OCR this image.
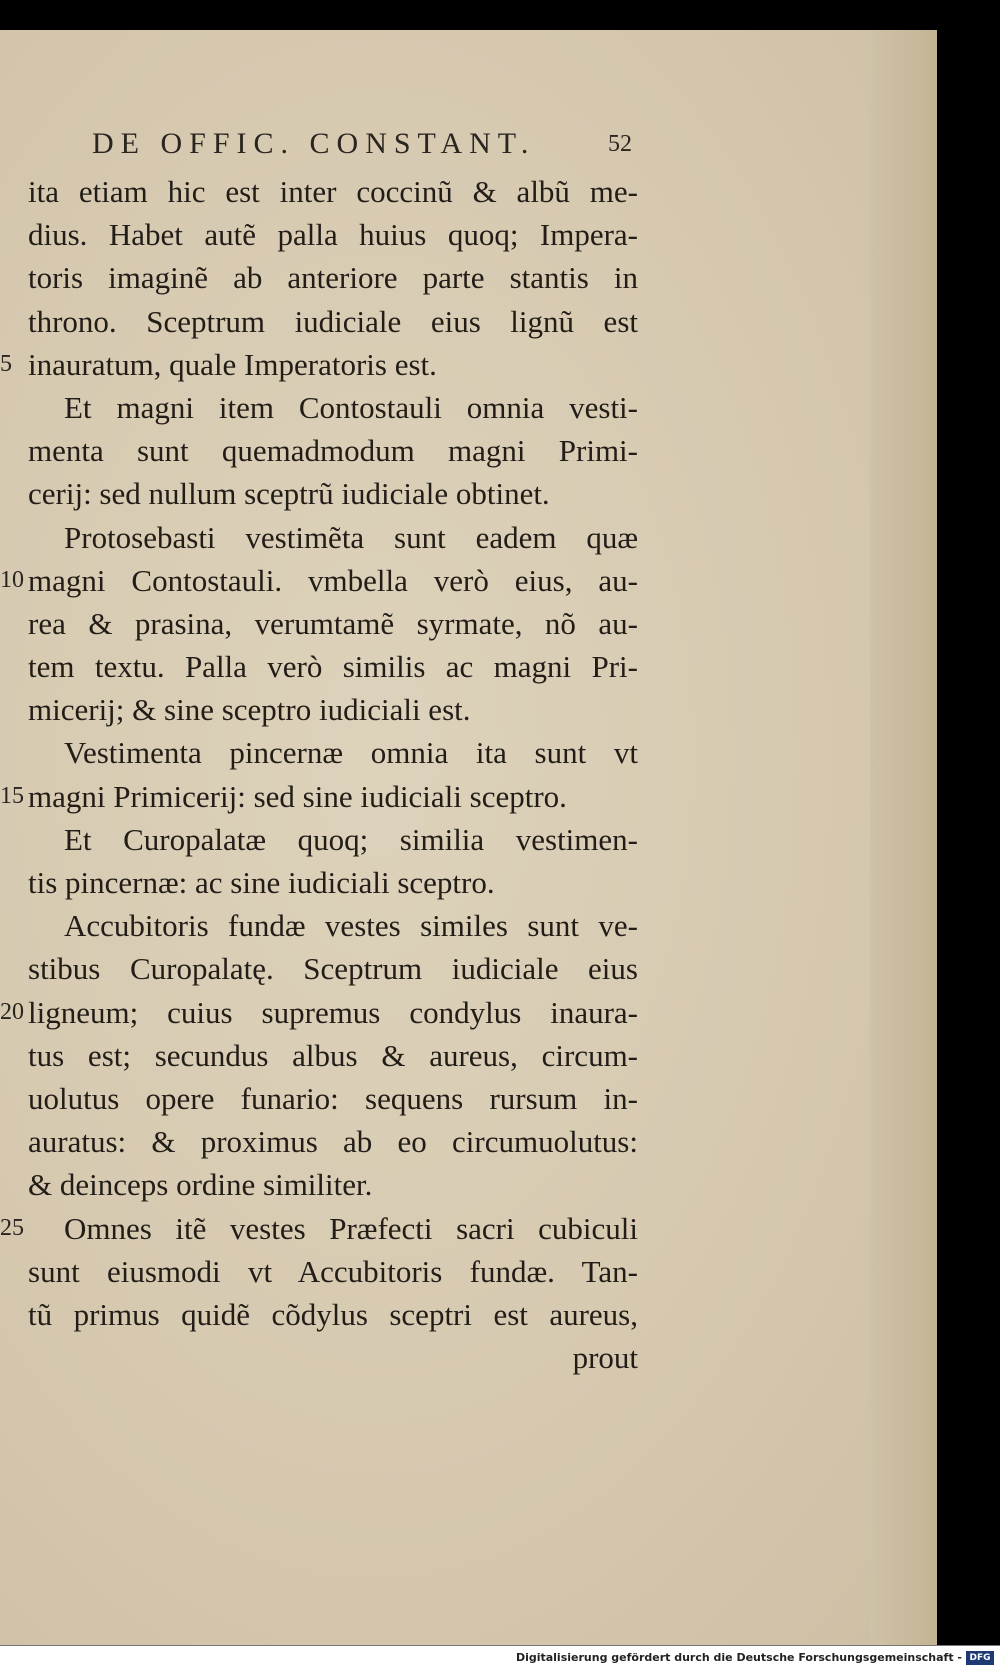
DE OFFIC. CONSTANT.	52
ita etiam hic est inter coccinũ & albũ me-
dius. Habet autẽ palla huius quoq; Impera-
toris imaginẽ ab anteriore parte stantis in
throno. Sceptrum iudiciale eius lignũ est
5 inauratum, quale Imperatoris est.
Et magni item Contostauli omnia vesti-
menta sunt quemadmodum magni Primi-
cerij: sed nullum sceptrũ iudiciale obtinet.
Protosebasti vestimẽta sunt eadem quæ
10 magni Contostauli. vmbella verò eius, au-
rea & prasina, verumtamẽ syrmate, nõ au-
tem textu. Palla verò similis ac magni Pri-
micerij; & sine sceptro iudiciali est.
Vestimenta pincernæ omnia ita sunt vt
15 magni Primicerij: sed sine iudiciali sceptro.
Et Curopalatæ quoq; similia vestimen-
tis pincernæ: ac sine iudiciali sceptro.
Accubitoris fundæ vestes similes sunt ve-
stibus Curopalatę. Sceptrum iudiciale eius
20 ligneum; cuius supremus condylus inaura-
tus est; secundus albus & aureus, circum-
uolutus opere funario: sequens rursum in-
auratus: & proximus ab eo circumuolutus:
& deinceps ordine similiter.
25 Omnes itẽ vestes Præfecti sacri cubiculi
sunt eiusmodi vt Accubitoris fundæ. Tan-
tũ primus quidẽ cõdylus sceptri est aureus,
prout
Digitalisierung gefördert durch die Deutsche Forschungsgemeinschaft - DFG
